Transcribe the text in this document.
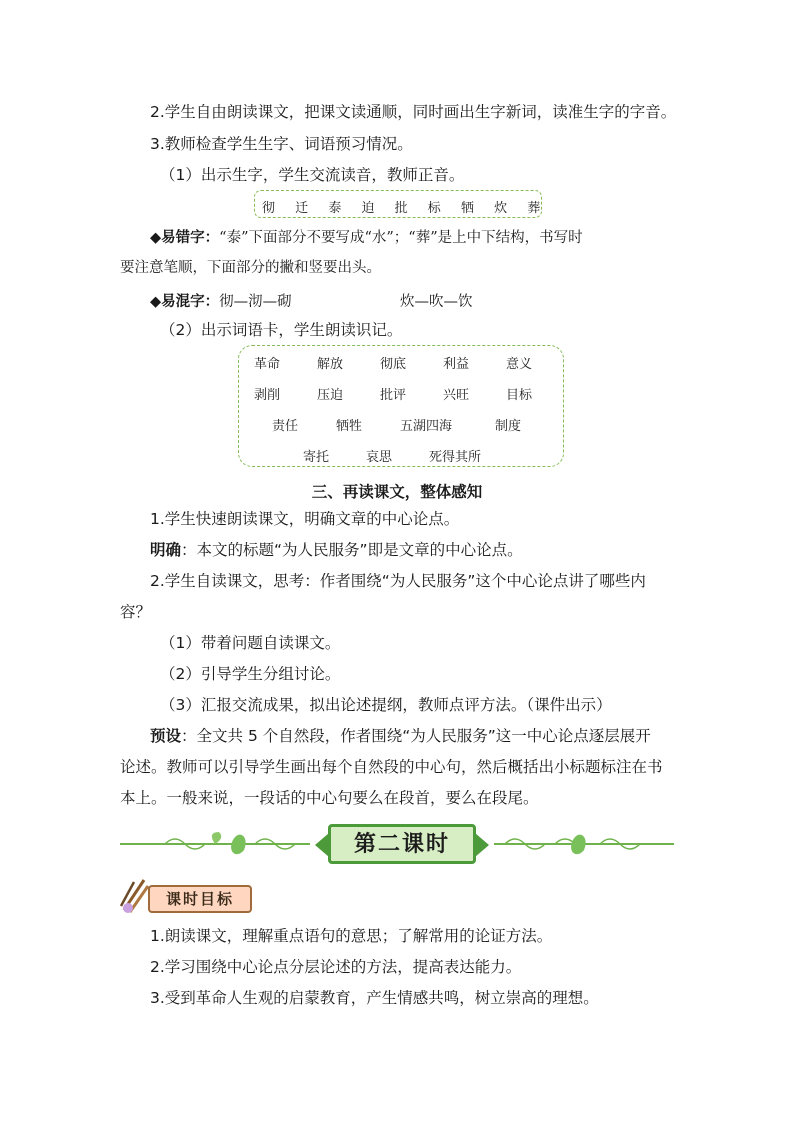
2.学生自由朗读课文，把课文读通顺，同时画出生字新词，读准生字的字音。
3.教师检查学生生字、词语预习情况。
（1）出示生字，学生交流读音，教师正音。
彻 迁 泰 迫 批 标 牺 炊 葬
◆易错字：“泰”下面部分不要写成“水”；“葬”是上中下结构，书写时
要注意笔顺，下面部分的撇和竖要出头。
◆易混字：彻—沏—砌	炊—吹—饮
（2）出示词语卡，学生朗读识记。
革命	解放	彻底	利益	意义
剥削	压迫	批评	兴旺	目标
责任	牺牲	五湖四海	制度
寄托	哀思	死得其所
三、再读课文，整体感知
1.学生快速朗读课文，明确文章的中心论点。
明确：本文的标题“为人民服务”即是文章的中心论点。
2.学生自读课文，思考：作者围绕“为人民服务”这个中心论点讲了哪些内
容？
（1）带着问题自读课文。
（2）引导学生分组讨论。
（3）汇报交流成果，拟出论述提纲，教师点评方法。（课件出示）
预设：全文共 5 个自然段，作者围绕“为人民服务”这一中心论点逐层展开
论述。教师可以引导学生画出每个自然段的中心句，然后概括出小标题标注在书
本上。一般来说，一段话的中心句要么在段首，要么在段尾。
第二课时
课时目标
1.朗读课文，理解重点语句的意思；了解常用的论证方法。
2.学习围绕中心论点分层论述的方法，提高表达能力。
3.受到革命人生观的启蒙教育，产生情感共鸣，树立崇高的理想。
